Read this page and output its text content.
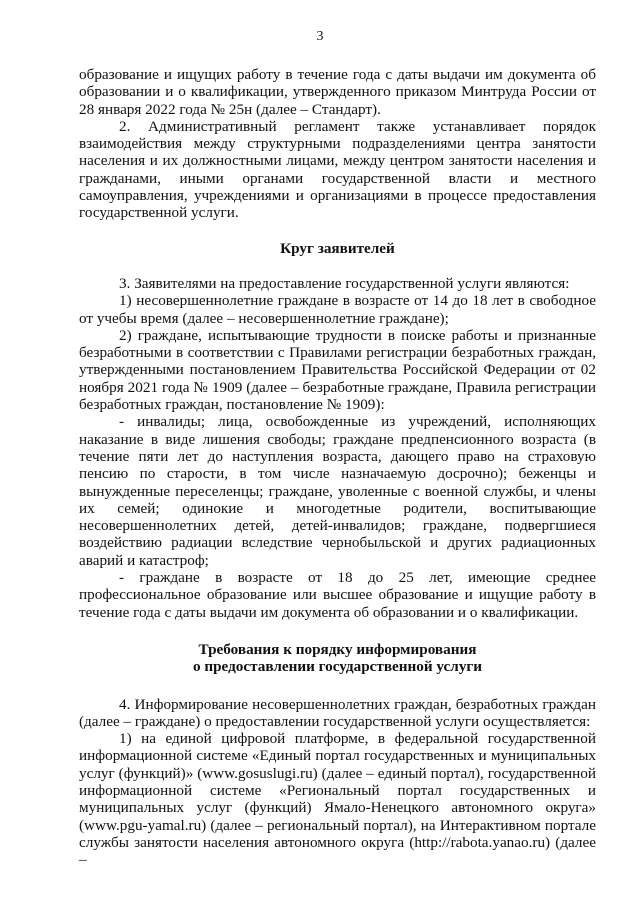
3

образование и ищущих работу в течение года с даты выдачи им документа об образовании и о квалификации, утвержденного приказом Минтруда России от 28 января 2022 года № 25н (далее – Стандарт).

2. Административный регламент также устанавливает порядок взаимодействия между структурными подразделениями центра занятости населения и их должностными лицами, между центром занятости населения и гражданами, иными органами государственной власти и местного самоуправления, учреждениями и организациями в процессе предоставления государственной услуги.

Круг заявителей

3. Заявителями на предоставление государственной услуги являются:

1) несовершеннолетние граждане в возрасте от 14 до 18 лет в свободное от учебы время (далее – несовершеннолетние граждане);

2) граждане, испытывающие трудности в поиске работы и признанные безработными в соответствии с Правилами регистрации безработных граждан, утвержденными постановлением Правительства Российской Федерации от 02 ноября 2021 года № 1909 (далее – безработные граждане, Правила регистрации безработных граждан, постановление № 1909):

- инвалиды; лица, освобожденные из учреждений, исполняющих наказание в виде лишения свободы; граждане предпенсионного возраста (в течение пяти лет до наступления возраста, дающего право на страховую пенсию по старости, в том числе назначаемую досрочно); беженцы и вынужденные переселенцы; граждане, уволенные с военной службы, и члены их семей; одинокие и многодетные родители, воспитывающие несовершеннолетних детей, детей-инвалидов; граждане, подвергшиеся воздействию радиации вследствие чернобыльской и других радиационных аварий и катастроф;

- граждане в возрасте от 18 до 25 лет, имеющие среднее профессиональное образование или высшее образование и ищущие работу в течение года с даты выдачи им документа об образовании и о квалификации.

Требования к порядку информирования
о предоставлении государственной услуги

4. Информирование несовершеннолетних граждан, безработных граждан (далее – граждане) о предоставлении государственной услуги осуществляется:

1) на единой цифровой платформе, в федеральной государственной информационной системе «Единый портал государственных и муниципальных услуг (функций)» (www.gosuslugi.ru) (далее – единый портал), государственной информационной системе «Региональный портал государственных и муниципальных услуг (функций) Ямало-Ненецкого автономного округа» (www.pgu-yamal.ru) (далее – региональный портал), на Интерактивном портале службы занятости населения автономного округа (http://rabota.yanao.ru) (далее –
